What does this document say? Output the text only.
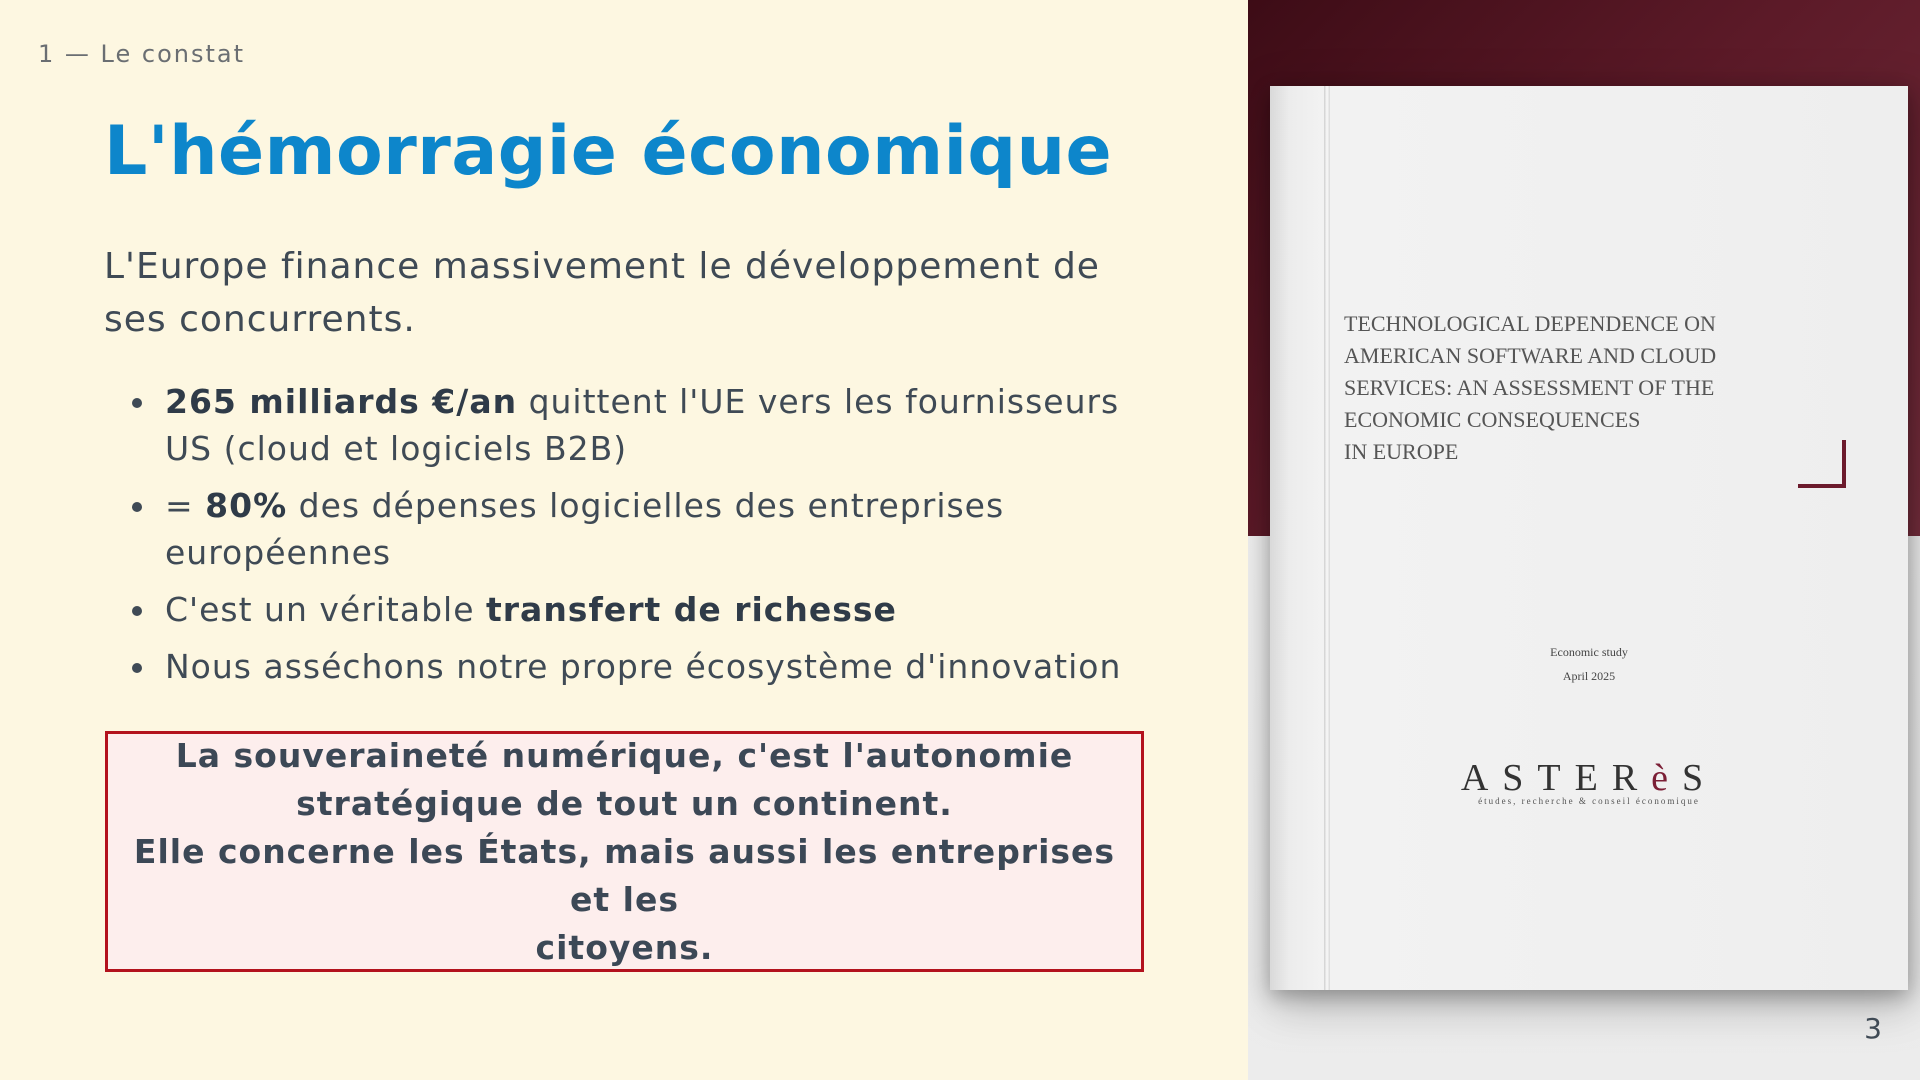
1 — Le constat
L'hémorragie économique

L'Europe finance massivement le développement de ses concurrents.

265 milliards €/an quittent l'UE vers les fournisseurs US (cloud et logiciels B2B)
= 80% des dépenses logicielles des entreprises européennes
C'est un véritable transfert de richesse
Nous asséchons notre propre écosystème d'innovation
La souveraineté numérique, c'est l'autonomie
stratégique de tout un continent.
Elle concerne les États, mais aussi les entreprises et les
citoyens.
TECHNOLOGICAL DEPENDENCE ON
AMERICAN SOFTWARE AND CLOUD
SERVICES: AN ASSESSMENT OF THE
ECONOMIC CONSEQUENCES
IN EUROPE
Economic study
April 2025
ASTERèS
études, recherche & conseil économique
3
